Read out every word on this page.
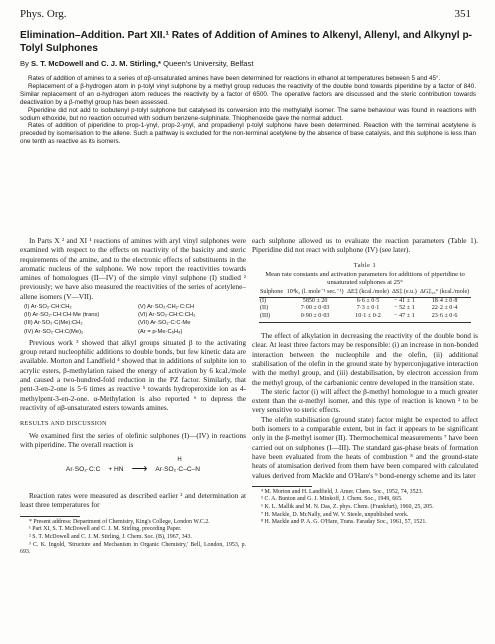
Phys. Org.	351
Elimination–Addition. Part XII.¹ Rates of Addition of Amines to Alkenyl, Allenyl, and Alkynyl p-Tolyl Sulphones
By S. T. McDowell and C. J. M. Stirling,* Queen's University, Belfast

Rates of addition of amines to a series of αβ-unsaturated amines have been determined for reactions in ethanol at temperatures between 5 and 45°.

Replacement of a β-hydrogen atom in p-tolyl vinyl sulphone by a methyl group reduces the reactivity of the double bond towards piperidine by a factor of 840. Similar replacement of an α-hydrogen atom reduces the reactivity by a factor of 6500. The operative factors are discussed and the steric contribution towards deactivation by a β-methyl group has been assessed.

Piperidine did not add to isobutenyl p-tolyl sulphone but catalysed its conversion into the methylallyl isomer. The same behaviour was found in reactions with sodium ethoxide, but no reaction occurred with sodium benzene-sulphinate. Thiophenoxide gave the normal adduct.

Rates of addition of piperidine to prop-1-ynyl, prop-2-ynyl, and propadienyl p-tolyl sulphone have been determined. Reaction with the terminal acetylene is preceded by isomerisation to the allene. Such a pathway is excluded for the non-terminal acetylene by the absence of base catalysis, and this sulphone is less than one tenth as reactive as its isomers.

In Parts X ² and XI ¹ reactions of amines with aryl vinyl sulphones were examined with respect to the effects on reactivity of the basicity and steric requirements of the amine, and to the electronic effects of substituents in the aromatic nucleus of the sulphone. We now report the reactivities towards amines of homologues (II—IV) of the simple vinyl sulphone (I) studied ² previously; we have also measured the reactivities of the series of acetylene–allene isomers (V—VII).

(I) Ar·SO₂·CH:CH₂	(V) Ar·SO₂·CH₂·C:CH
(II) Ar·SO₂·CH:CH·Me (trans)	(VI) Ar·SO₂·CH:C:CH₂
(III) Ar·SO₂·C(Me):CH₂	(VII) Ar·SO₂·C:C·Me
(IV) Ar·SO₂·CH:C(Me)₂	(Ar = p-Me·C₆H₄)

Previous work ³ showed that alkyl groups situated β to the activating group retard nucleophilic additions to double bonds, but few kinetic data are available. Morton and Landfield ⁴ showed that in additions of sulphite ion to acrylic esters, β-methylation raised the energy of activation by 6 kcal./mole and caused a two-hundred-fold reduction in the PZ factor. Similarly, that pent-3-en-2-one is 5·6 times as reactive ⁵ towards hydroperoxide ion as 4-methylpent-3-en-2-one. α-Methylation is also reported ⁶ to depress the reactivity of αβ-unsaturated esters towards amines.

RESULTS AND DISCUSSION

We examined first the series of olefinic sulphones (I)—(IV) in reactions with piperidine. The overall reaction is

Ar·SO₂·C:C + HN ⟶
H
Ar·SO₂·C–C–N

Reaction rates were measured as described earlier ² and determination at least three temperatures for

* Present address: Department of Chemistry, King's College, London W.C.2.

¹ Part XI, S. T. McDowell and C. J. M. Stirling, preceding Paper.

² S. T. McDowell and C. J. M. Stirling, J. Chem. Soc. (B), 1967, 343.

³ C. K. Ingold, 'Structure and Mechanism in Organic Chemistry,' Bell, London, 1953, p. 693.

each sulphone allowed us to evaluate the reaction parameters (Table 1). Piperidine did not react with sulphone (IV) (see later).

Table 1
Mean rate constants and activation parameters for additions of piperidine to unsaturated sulphones at 25°
Sulphone	10⁴k₂ (l. mole⁻¹ sec.⁻¹)	ΔE‡ (kcal./mole)	ΔS‡ (e.u.)	ΔG‡₂₅° (kcal./mole)
(I)	5850 ± 20	6·6 ± 0·5	− 41 ± 1	18·4 ± 0·8
(II)	7·00 ± 0·03	7·3 ± 0·1	− 52 ± 1	22·2 ± 0·4
(III)	0·90 ± 0·03	10·1 ± 0·2	− 47 ± 1	23·6 ± 0·6

The effect of alkylation in decreasing the reactivity of the double bond is clear. At least three factors may be responsible: (i) an increase in non-bonded interaction between the nucleophile and the olefin, (ii) additional stabilisation of the olefin in the ground state by hyperconjugative interaction with the methyl group, and (iii) destabilisation, by electron accession from the methyl group, of the carbanionic centre developed in the transition state.

The steric factor (i) will affect the β-methyl homologue to a much greater extent than the α-methyl isomer, and this type of reaction is known ² to be very sensitive to steric effects.

The olefin stabilisation (ground state) factor might be expected to affect both isomers to a comparable extent, but in fact it appears to be significant only in the β-methyl isomer (II). Thermochemical measurements ⁷ have been carried out on sulphones (I—III). The standard gas-phase heats of formation have been evaluated from the heats of combustion ⁸ and the ground-state heats of atomisation derived from them have been compared with calculated values derived from Mackle and O'Hare's ⁹ bond-energy scheme and its later

⁴ M. Morton and H. Landfield, J. Amer. Chem. Soc., 1952, 74, 3523.

⁵ C. A. Bunton and G. J. Minkoff, J. Chem. Soc., 1949, 665.

⁶ K. L. Mallik and M. N. Das, Z. phys. Chem. (Frankfurt), 1960, 25, 205.

⁷ H. Mackle, D. McNally, and W. V. Steele, unpublished work.

⁸ H. Mackle and P. A. G. O'Hare, Trans. Faraday Soc., 1961, 57, 1521.
